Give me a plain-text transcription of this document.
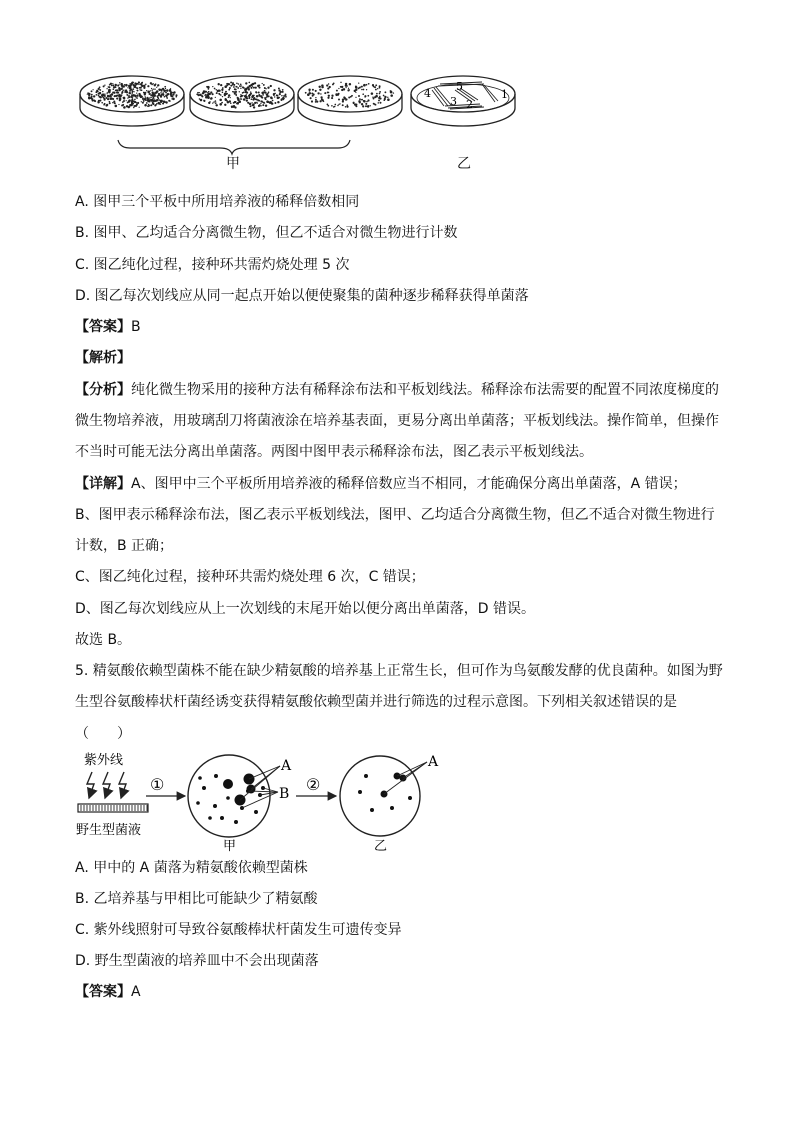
4
5
1
2
3
甲	乙
A. 图甲三个平板中所用培养液的稀释倍数相同
B. 图甲、乙均适合分离微生物，但乙不适合对微生物进行计数
C. 图乙纯化过程，接种环共需灼烧处理 5 次
D. 图乙每次划线应从同一起点开始以便使聚集的菌种逐步稀释获得单菌落
【答案】B
【解析】
【分析】纯化微生物采用的接种方法有稀释涂布法和平板划线法。稀释涂布法需要的配置不同浓度梯度的
微生物培养液，用玻璃刮刀将菌液涂在培养基表面，更易分离出单菌落；平板划线法。操作简单，但操作
不当时可能无法分离出单菌落。两图中图甲表示稀释涂布法，图乙表示平板划线法。
【详解】A、图甲中三个平板所用培养液的稀释倍数应当不相同，才能确保分离出单菌落，A 错误；
B、图甲表示稀释涂布法，图乙表示平板划线法，图甲、乙均适合分离微生物，但乙不适合对微生物进行
计数，B 正确；
C、图乙纯化过程，接种环共需灼烧处理 6 次，C 错误；
D、图乙每次划线应从上一次划线的末尾开始以便分离出单菌落，D 错误。
故选 B。
5. 精氨酸依赖型菌株不能在缺少精氨酸的培养基上正常生长，但可作为鸟氨酸发酵的优良菌种。如图为野
生型谷氨酸棒状杆菌经诱变获得精氨酸依赖型菌并进行筛选的过程示意图。下列相关叙述错误的是
（　　）
紫外线
野生型菌液
①	②
A
B
A
甲	乙
A. 甲中的 A 菌落为精氨酸依赖型菌株
B. 乙培养基与甲相比可能缺少了精氨酸
C. 紫外线照射可导致谷氨酸棒状杆菌发生可遗传变异
D. 野生型菌液的培养皿中不会出现菌落
【答案】A
